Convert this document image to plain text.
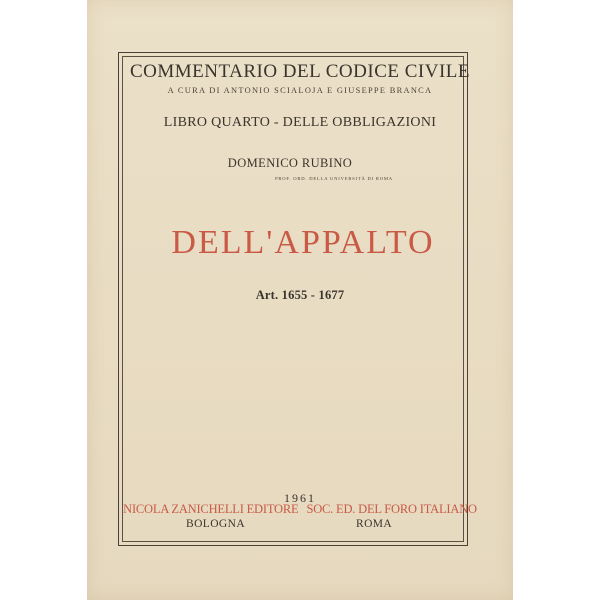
COMMENTARIO DEL CODICE CIVILE
A CURA DI ANTONIO SCIALOJA E GIUSEPPE BRANCA
LIBRO QUARTO - DELLE OBBLIGAZIONI
DOMENICO RUBINO
PROF. ORD. DELLA UNIVERSITÀ DI ROMA
DELL'APPALTO
Art. 1655 - 1677
1961
NICOLA ZANICHELLI EDITORE SOC. ED. DEL FORO ITALIANO
BOLOGNA	ROMA
